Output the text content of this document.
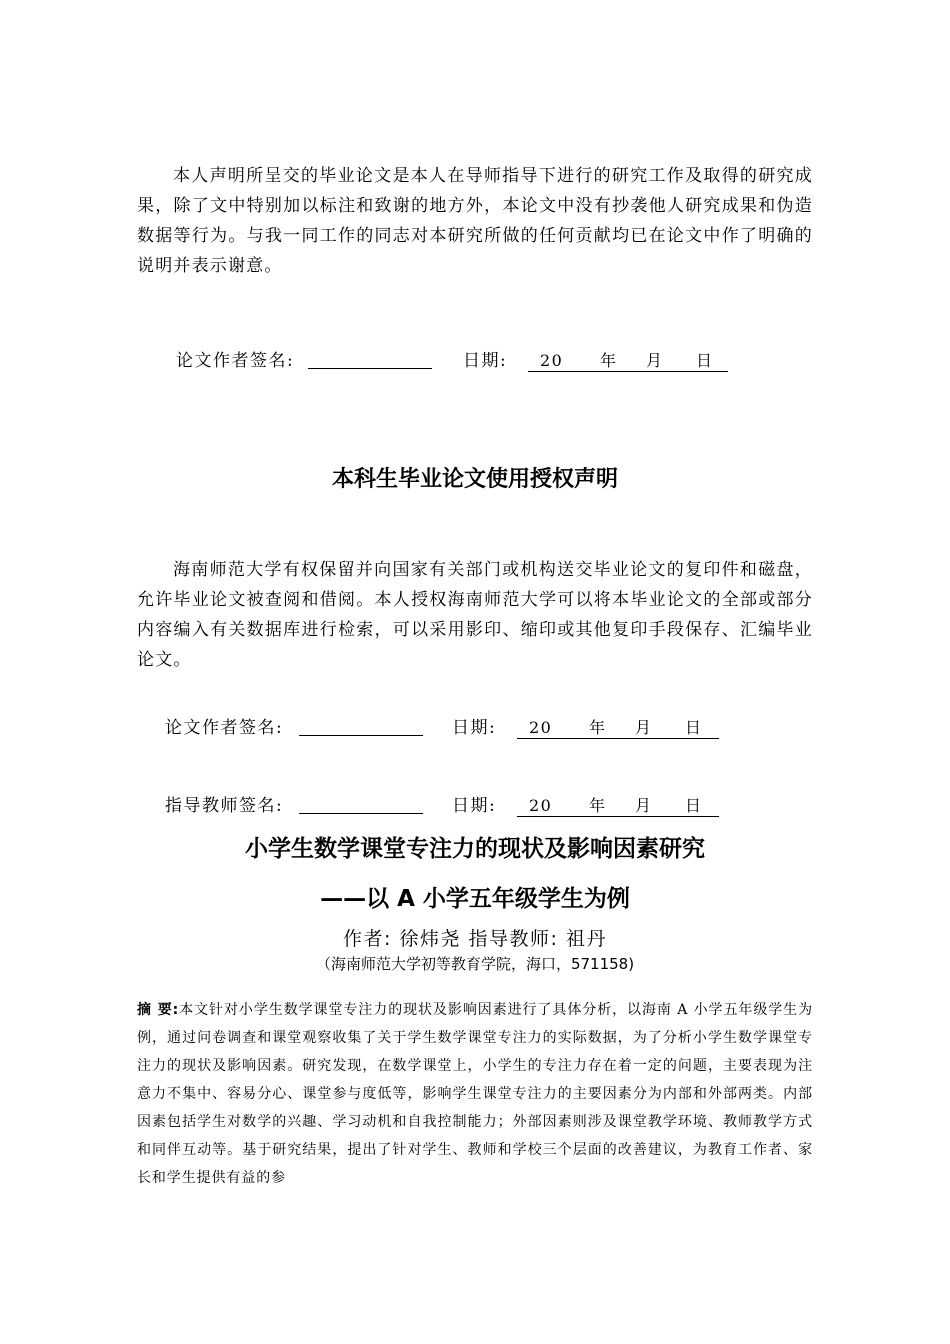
本人声明所呈交的毕业论文是本人在导师指导下进行的研究工作及取得的研究成果，除了文中特别加以标注和致谢的地方外，本论文中没有抄袭他人研究成果和伪造数据等行为。与我一同工作的同志对本研究所做的任何贡献均已在论文中作了明确的说明并表示谢意。
论文作者签名:	日期: 20 年 月 日
本科生毕业论文使用授权声明
海南师范大学有权保留并向国家有关部门或机构送交毕业论文的复印件和磁盘，允许毕业论文被查阅和借阅。本人授权海南师范大学可以将本毕业论文的全部或部分内容编入有关数据库进行检索，可以采用影印、缩印或其他复印手段保存、汇编毕业论文。
论文作者签名:	日期: 20 年 月 日
指导教师签名:	日期: 20 年 月 日
小学生数学课堂专注力的现状及影响因素研究
——以 A 小学五年级学生为例
作者: 徐炜尧 指导教师: 祖丹
（海南师范大学初等教育学院，海口，571158)
摘 要:本文针对小学生数学课堂专注力的现状及影响因素进行了具体分析，以海南 A 小学五年级学生为例，通过问卷调查和课堂观察收集了关于学生数学课堂专注力的实际数据，为了分析小学生数学课堂专注力的现状及影响因素。研究发现，在数学课堂上，小学生的专注力存在着一定的问题，主要表现为注意力不集中、容易分心、课堂参与度低等，影响学生课堂专注力的主要因素分为内部和外部两类。内部因素包括学生对数学的兴趣、学习动机和自我控制能力；外部因素则涉及课堂教学环境、教师教学方式和同伴互动等。基于研究结果，提出了针对学生、教师和学校三个层面的改善建议，为教育工作者、家长和学生提供有益的参
